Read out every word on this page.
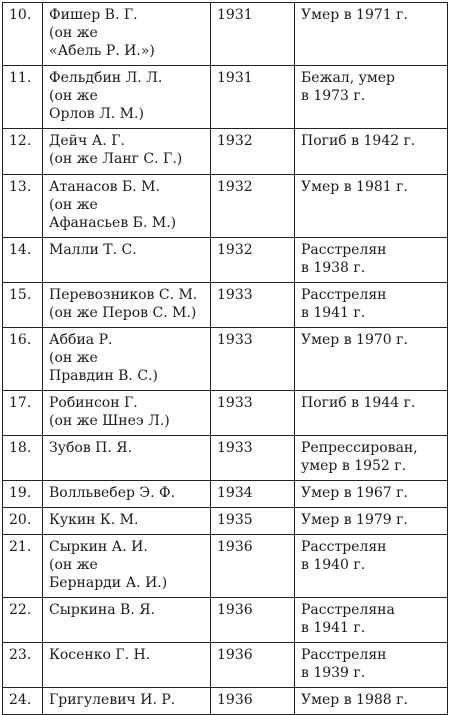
10.	Фишер В. Г.
(он же
«Абель Р. И.»)	1931	Умер в 1971 г.
11.	Фельдбин Л. Л.
(он же
Орлов Л. М.)	1931	Бежал, умер
в 1973 г.
12.	Дейч А. Г.
(он же Ланг С. Г.)	1932	Погиб в 1942 г.
13.	Атанасов Б. М.
(он же
Афанасьев Б. М.)	1932	Умер в 1981 г.
14.	Малли Т. С.	1932	Расстрелян
в 1938 г.
15.	Перевозников С. М.
(он же Перов С. М.)	1933	Расстрелян
в 1941 г.
16.	Аббиа Р.
(он же
Правдин В. С.)	1933	Умер в 1970 г.
17.	Робинсон Г.
(он же Шнеэ Л.)	1933	Погиб в 1944 г.
18.	Зубов П. Я.	1933	Репрессирован,
умер в 1952 г.
19.	Волльвебер Э. Ф.	1934	Умер в 1967 г.
20.	Кукин К. М.	1935	Умер в 1979 г.
21.	Сыркин А. И.
(он же
Бернарди А. И.)	1936	Расстрелян
в 1940 г.
22.	Сыркина В. Я.	1936	Расстреляна
в 1941 г.
23.	Косенко Г. Н.	1936	Расстрелян
в 1939 г.
24.	Григулевич И. Р.	1936	Умер в 1988 г.
